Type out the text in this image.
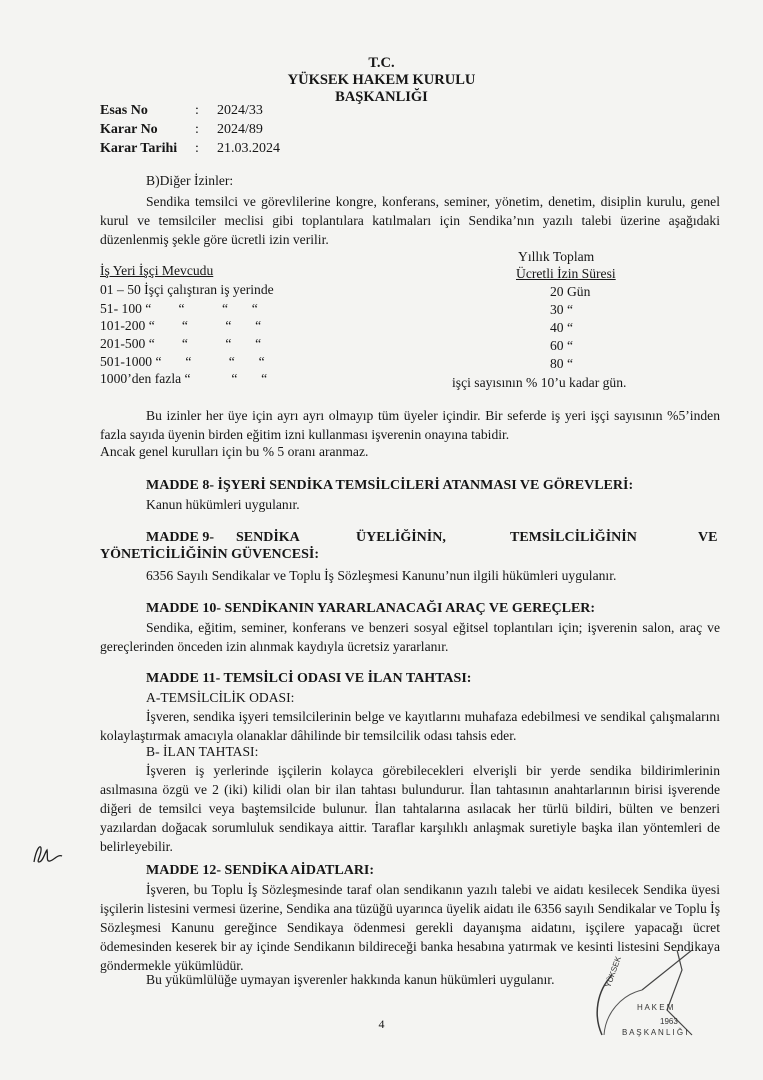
T.C.
YÜKSEK HAKEM KURULU
BAŞKANLIĞI
Esas No	: 2024/33
Karar No	: 2024/89
Karar Tarihi : 21.03.2024
B)Diğer İzinler:
Sendika temsilci ve görevlilerine kongre, konferans, seminer, yönetim, denetim, disiplin kurulu, genel kurul ve temsilciler meclisi gibi toplantılara katılmaları için Sendika’nın yazılı talebi üzerine aşağıdaki düzenlenmiş şekle göre ücretli izin verilir.
Yıllık Toplam
İş Yeri İşçi Mevcudu	Ücretli İzin Süresi
01 – 50 İşçi çalıştıran iş yerinde	20 Gün
51- 100 “        “           “       “	30 “
101-200 “        “           “       “	40 “
201-500 “        “           “       “	60 “
501-1000 “       “           “       “	80 “
1000’den fazla “            “       “	işçi sayısının % 10’u kadar gün.
Bu izinler her üye için ayrı ayrı olmayıp tüm üyeler içindir. Bir seferde iş yeri işçi sayısının %5’inden fazla sayıda üyenin birden eğitim izni kullanması işverenin onayına tabidir.
Ancak genel kurulları için bu % 5 oranı aranmaz.
MADDE 8- İŞYERİ SENDİKA TEMSİLCİLERİ ATANMASI VE GÖREVLERİ:
Kanun hükümleri uygulanır.
MADDE 9- SENDİKA	ÜYELİĞİNİN,	TEMSİLCİLİĞİNİN	VE
YÖNETİCİLİĞİNİN GÜVENCESİ:
6356 Sayılı Sendikalar ve Toplu İş Sözleşmesi Kanunu’nun ilgili hükümleri uygulanır.
MADDE 10- SENDİKANIN YARARLANACAĞI ARAÇ VE GEREÇLER:
Sendika, eğitim, seminer, konferans ve benzeri sosyal eğitsel toplantıları için; işverenin salon, araç ve gereçlerinden önceden izin alınmak kaydıyla ücretsiz yararlanır.
MADDE 11- TEMSİLCİ ODASI VE İLAN TAHTASI:
A-TEMSİLCİLİK ODASI:
İşveren, sendika işyeri temsilcilerinin belge ve kayıtlarını muhafaza edebilmesi ve sendikal çalışmalarını kolaylaştırmak amacıyla olanaklar dâhilinde bir temsilcilik odası tahsis eder.
B- İLAN TAHTASI:
İşveren iş yerlerinde işçilerin kolayca görebilecekleri elverişli bir yerde sendika bildirimlerinin asılmasına özgü ve 2 (iki) kilidi olan bir ilan tahtası bulundurur. İlan tahtasının anahtarlarının birisi işverende diğeri de temsilci veya baştemsilcide bulunur. İlan tahtalarına asılacak her türlü bildiri, bülten ve benzeri yazılardan doğacak sorumluluk sendikaya aittir. Taraflar karşılıklı anlaşmak suretiyle başka ilan yöntemleri de belirleyebilir.
MADDE 12- SENDİKA AİDATLARI:
İşveren, bu Toplu İş Sözleşmesinde taraf olan sendikanın yazılı talebi ve aidatı kesilecek Sendika üyesi işçilerin listesini vermesi üzerine, Sendika ana tüzüğü uyarınca üyelik aidatı ile 6356 sayılı Sendikalar ve Toplu İş Sözleşmesi Kanunu gereğince Sendikaya ödenmesi gerekli dayanışma aidatını, işçilere yapacağı ücret ödemesinden keserek bir ay içinde Sendikanın bildireceği banka hesabına yatırmak ve kesinti listesini Sendikaya göndermekle yükümlüdür.
Bu yükümlülüğe uymayan işverenler hakkında kanun hükümleri uygulanır.	YÜKSEK
H A K E M
B A Ş K A N L I Ğ I
1963
4
